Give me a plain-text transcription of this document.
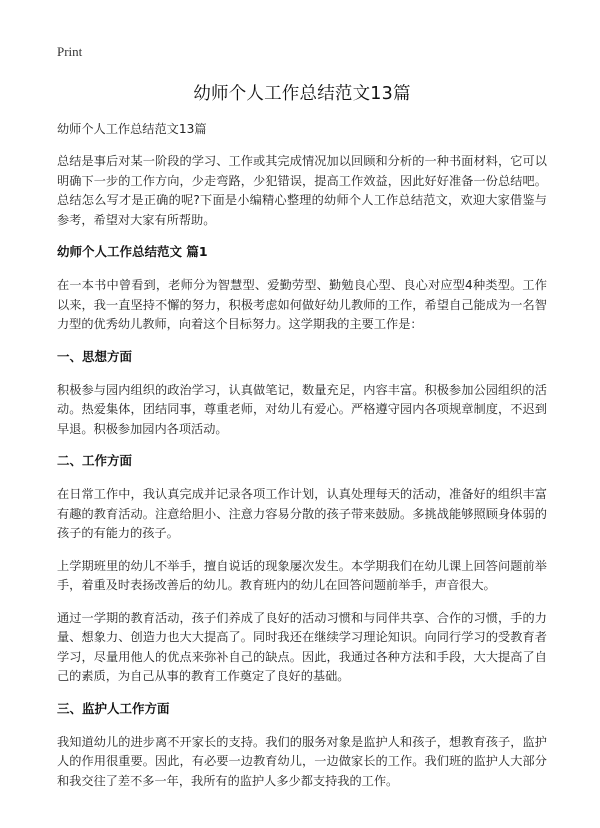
Print
幼师个人工作总结范文13篇
幼师个人工作总结范文13篇

总结是事后对某一阶段的学习、工作或其完成情况加以回顾和分析的一种书面材料，它可以明确下一步的工作方向，少走弯路，少犯错误，提高工作效益，因此好好准备一份总结吧。总结怎么写才是正确的呢?下面是小编精心整理的幼师个人工作总结范文，欢迎大家借鉴与参考，希望对大家有所帮助。

幼师个人工作总结范文 篇1

在一本书中曾看到，老师分为智慧型、爱勤劳型、勤勉良心型、良心对应型4种类型。工作以来，我一直坚持不懈的努力，积极考虑如何做好幼儿教师的工作，希望自己能成为一名智力型的优秀幼儿教师，向着这个目标努力。这学期我的主要工作是：

一、思想方面

积极参与园内组织的政治学习，认真做笔记，数量充足，内容丰富。积极参加公园组织的活动。热爱集体，团结同事，尊重老师，对幼儿有爱心。严格遵守园内各项规章制度，不迟到早退。积极参加园内各项活动。

二、工作方面

在日常工作中，我认真完成并记录各项工作计划，认真处理每天的活动，准备好的组织丰富有趣的教育活动。注意给胆小、注意力容易分散的孩子带来鼓励。多挑战能够照顾身体弱的孩子的有能力的孩子。

上学期班里的幼儿不举手，擅自说话的现象屡次发生。本学期我们在幼儿课上回答问题前举手，着重及时表扬改善后的幼儿。教育班内的幼儿在回答问题前举手，声音很大。

通过一学期的教育活动，孩子们养成了良好的活动习惯和与同伴共享、合作的习惯，手的力量、想象力、创造力也大大提高了。同时我还在继续学习理论知识。向同行学习的受教育者学习，尽量用他人的优点来弥补自己的缺点。因此，我通过各种方法和手段，大大提高了自己的素质，为自己从事的教育工作奠定了良好的基础。

三、监护人工作方面

我知道幼儿的进步离不开家长的支持。我们的服务对象是监护人和孩子，想教育孩子，监护人的作用很重要。因此，有必要一边教育幼儿，一边做家长的工作。我们班的监护人大部分和我交往了差不多一年，我所有的监护人多少都支持我的工作。
